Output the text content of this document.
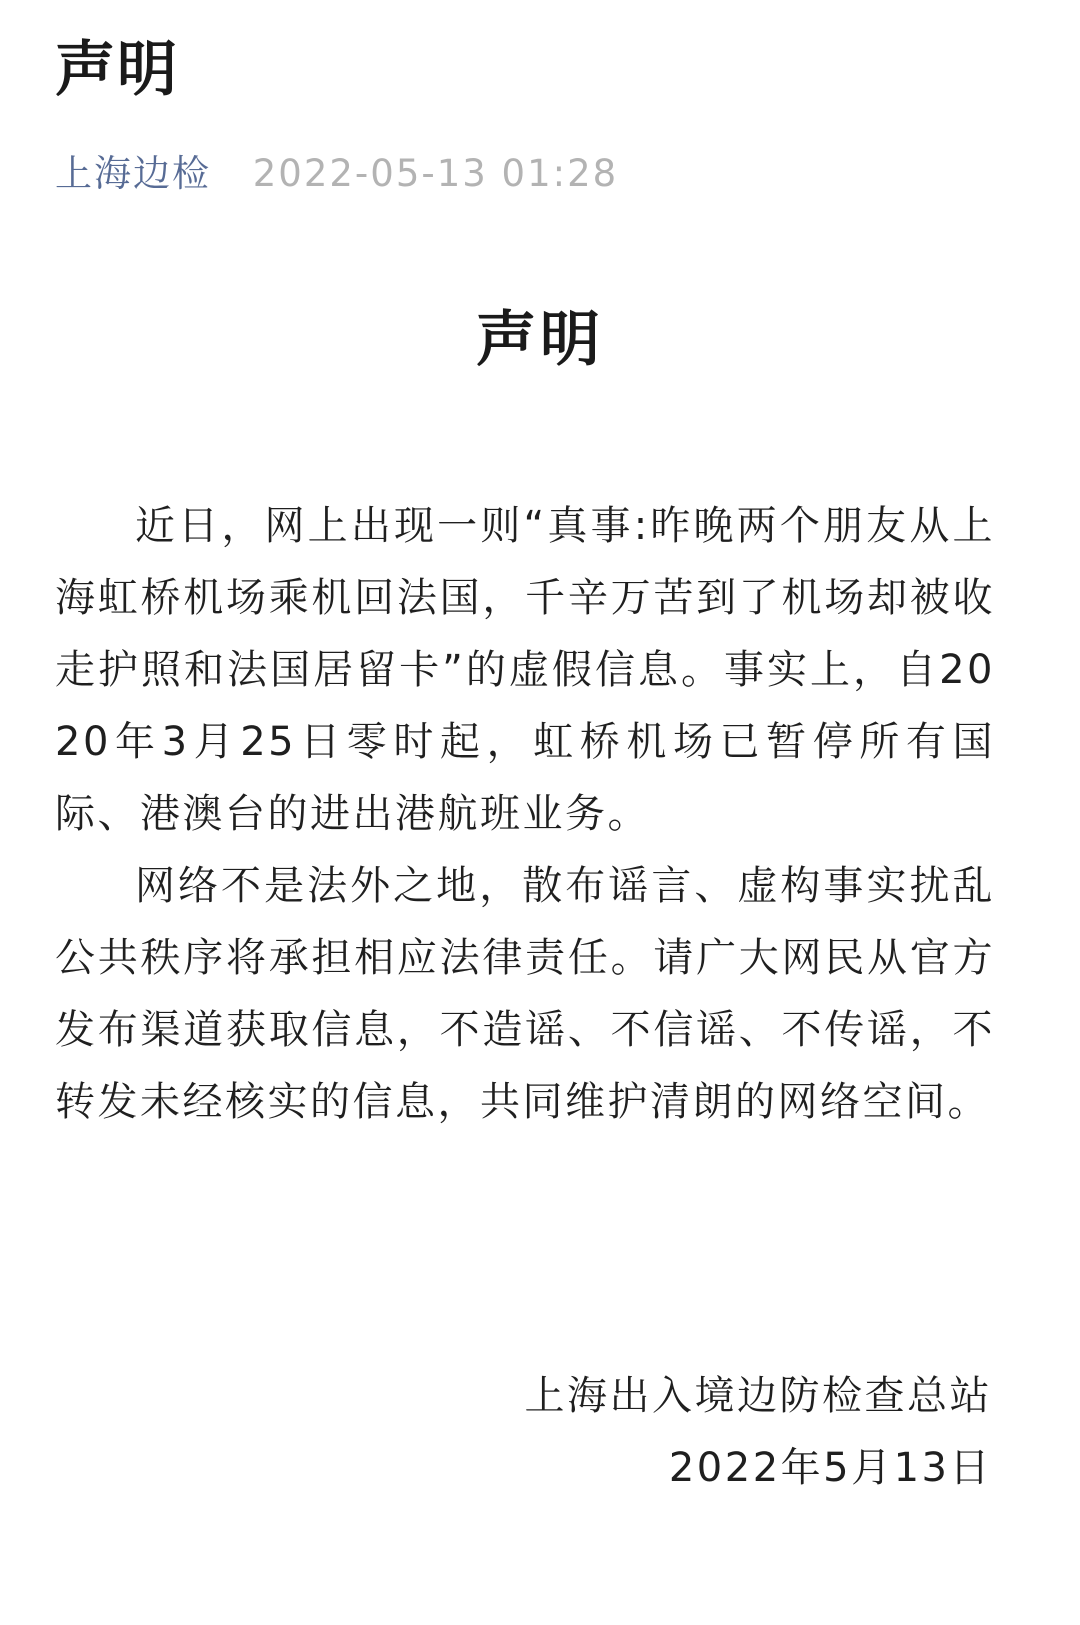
声明
上海边检 2022-05-13 01:28
声明

近日，网上出现一则“真事:昨晚两个朋友从上海虹桥机场乘机回法国，千辛万苦到了机场却被收走护照和法国居留卡”的虚假信息。事实上，自2020年3月25日零时起，虹桥机场已暂停所有国际、港澳台的进出港航班业务。

网络不是法外之地，散布谣言、虚构事实扰乱公共秩序将承担相应法律责任。请广大网民从官方发布渠道获取信息，不造谣、不信谣、不传谣，不转发未经核实的信息，共同维护清朗的网络空间。

上海出入境边防检查总站
2022年5月13日
